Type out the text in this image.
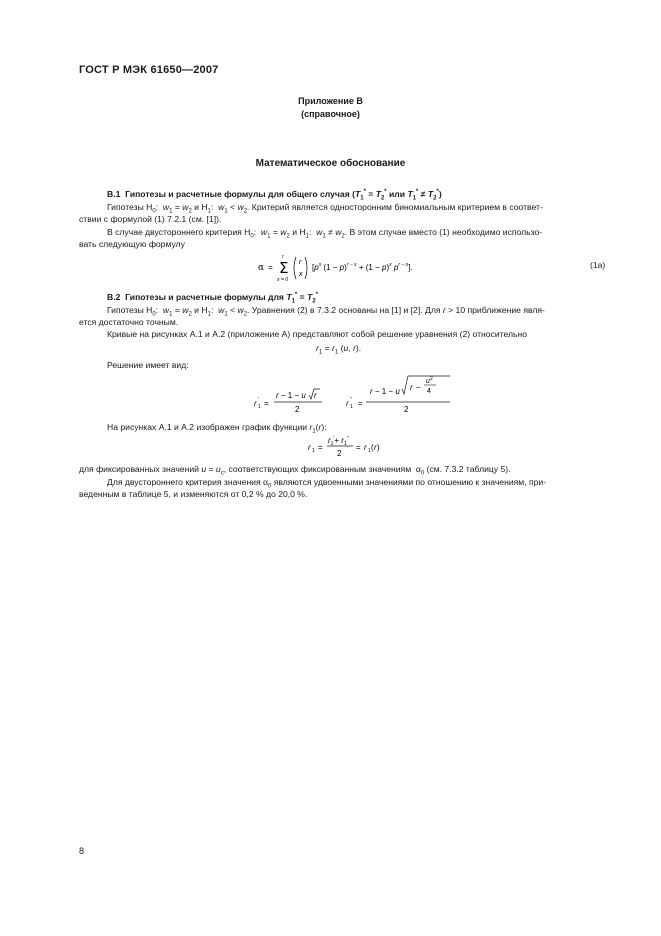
ГОСТ Р МЭК 61650—2007
Приложение В
(справочное)
Математическое обоснование
В.1 Гипотезы и расчетные формулы для общего случая ($T_1^* = T_2^*$ или $T_1^* \ne T_2^*$)
Гипотезы $H_0$:  $w_1 = w_2$ и $H_1$:  $w_1 < w_2$. Критерий является односторонним биномиальным критерием в соответ-
ствии с формулой (1) 7.2.1 (см. [1]).
В случае двустороннего критерия $H_0$:  $w_1 = w_2$ и $H_1$:  $w_1 \ne w_2$. В этом случае вместо (1) необходимо использо-
вать следующую формулу
α =
r
Σ
x = 0
r
x
[$p^x$ $(1 - p)^{r - x} + (1 - p)^x$ $p^{r - x}$].	(1а)
В.2  Гипотезы и расчетные формулы для $T_1^* = T_2^*$
Гипотезы $H_0$:  $w_1 = w_2$ и $H_1$:  $w_1 < w_2$. Уравнения (2) в 7.3.2 основаны на [1] и [2]. Для r > 10 приближение явля-
ется достаточно точным.
Кривые на рисунках А.1 и А.2 (приложение А) представляют собой решение уравнения (2) относительно
$r_1 = r_1$ (u, r).
Решение имеет вид:
r 1
′ =
r − 1 − u r
2
r 1
″ =
r − 1 − u r −
u 2
4
2
На рисунках А.1 и А.2 изображен график функции $r_1(r)$:
r 1 =
$r_1'+ r_1''$
2
= r 1 ( r )
для фиксированных значений $u = u_c$, соответствующих фиксированным значениям  $\alpha_0$ (см. 7.3.2 таблицу 5).
Для двустороннего критерия значения $\alpha_0$ являются удвоенными значениями по отношению к значениям, при-
веденным в таблице 5, и изменяются от 0,2 % до 20,0 %.
8
